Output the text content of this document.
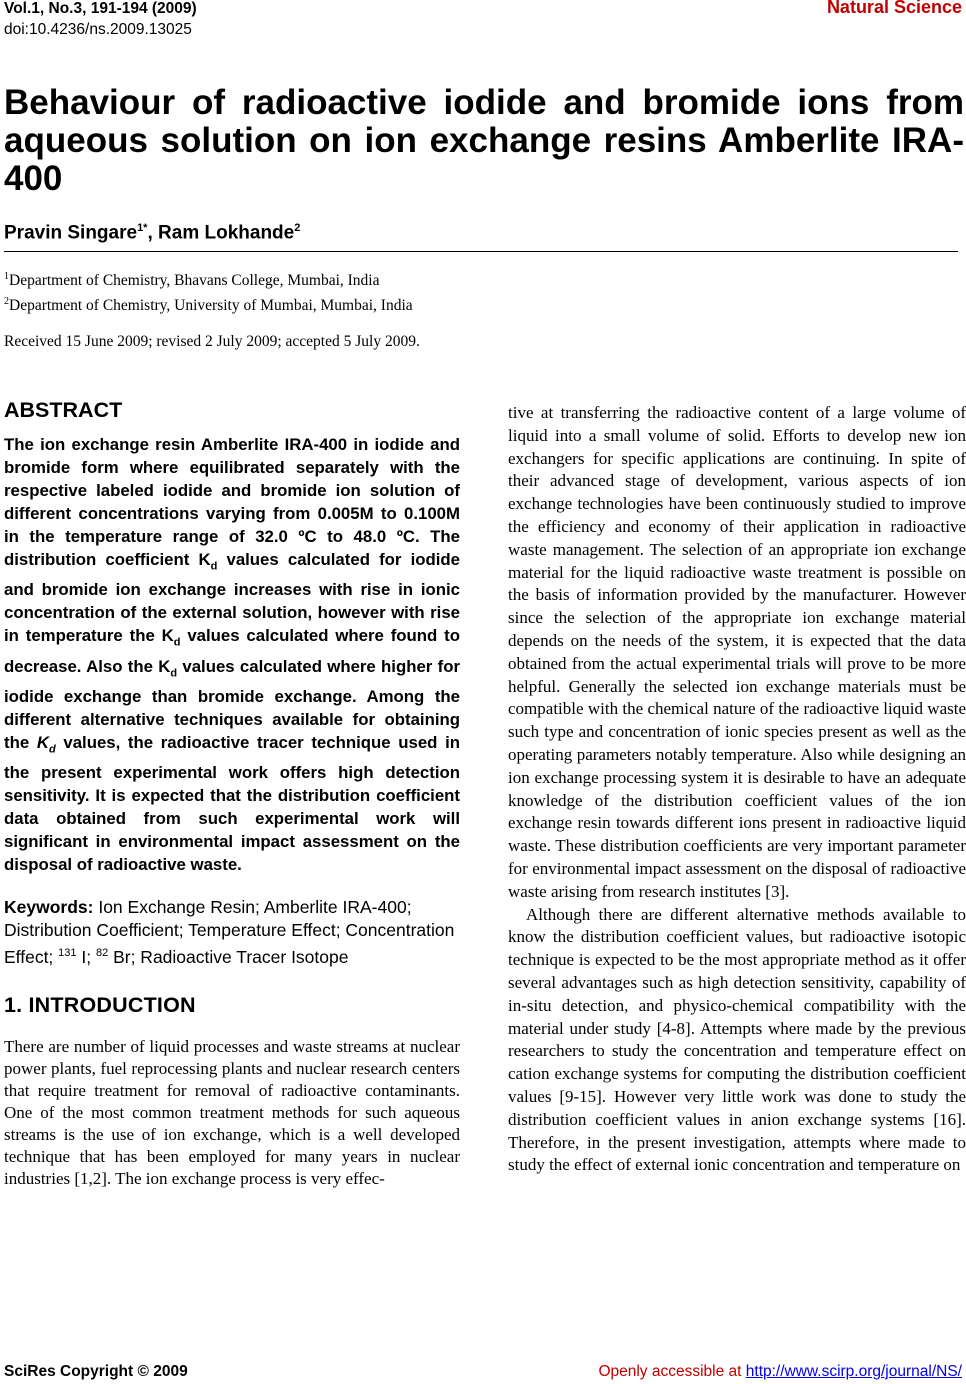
Vol.1, No.3, 191-194 (2009)
doi:10.4236/ns.2009.13025
Natural Science
Behaviour of radioactive iodide and bromide ions from aqueous solution on ion exchange resins Amberlite IRA-400
Pravin Singare$^{1*}$, Ram Lokhande$^2$
$^1$Department of Chemistry, Bhavans College, Mumbai, India
$^2$Department of Chemistry, University of Mumbai, Mumbai, India
Received 15 June 2009; revised 2 July 2009; accepted 5 July 2009.
ABSTRACT

The ion exchange resin Amberlite IRA-400 in iodide and bromide form where equilibrated separately with the respective labeled iodide and bromide ion solution of different concentrations varying from 0.005M to 0.100M in the temperature range of 32.0 ºC to 48.0 ºC. The distribution coefficient $K_d$ values calculated for iodide and bromide ion exchange increases with rise in ionic concentration of the external solution, however with rise in temperature the $K_d$ values calculated where found to decrease. Also the $K_d$ values calculated where higher for iodide exchange than bromide exchange. Among the different alternative techniques available for obtaining the $K_d$ values, the radioactive tracer technique used in the present experimental work offers high detection sensitivity. It is expected that the distribution coefficient data obtained from such experimental work will significant in environmental impact assessment on the disposal of radioactive waste.

Keywords: Ion Exchange Resin; Amberlite IRA-400; Distribution Coefficient; Temperature Effect; Concentration Effect; $^{131}$ I; $^{82}$ Br; Radioactive Tracer Isotope

1. INTRODUCTION

There are number of liquid processes and waste streams at nuclear power plants, fuel reprocessing plants and nuclear research centers that require treatment for removal of radioactive contaminants. One of the most common treatment methods for such aqueous streams is the use of ion exchange, which is a well developed technique that has been employed for many years in nuclear industries [1,2]. The ion exchange process is very effec-

tive at transferring the radioactive content of a large volume of liquid into a small volume of solid. Efforts to develop new ion exchangers for specific applications are continuing. In spite of their advanced stage of development, various aspects of ion exchange technologies have been continuously studied to improve the efficiency and economy of their application in radioactive waste management. The selection of an appropriate ion exchange material for the liquid radioactive waste treatment is possible on the basis of information provided by the manufacturer. However since the selection of the appropriate ion exchange material depends on the needs of the system, it is expected that the data obtained from the actual experimental trials will prove to be more helpful. Generally the selected ion exchange materials must be compatible with the chemical nature of the radioactive liquid waste such type and concentration of ionic species present as well as the operating parameters notably temperature. Also while designing an ion exchange processing system it is desirable to have an adequate knowledge of the distribution coefficient values of the ion exchange resin towards different ions present in radioactive liquid waste. These distribution coefficients are very important parameter for environmental impact assessment on the disposal of radioactive waste arising from research institutes [3].

Although there are different alternative methods available to know the distribution coefficient values, but radioactive isotopic technique is expected to be the most appropriate method as it offer several advantages such as high detection sensitivity, capability of in-situ detection, and physico-chemical compatibility with the material under study [4-8]. Attempts where made by the previous researchers to study the concentration and temperature effect on cation exchange systems for computing the distribution coefficient values [9-15]. However very little work was done to study the distribution coefficient values in anion exchange systems [16]. Therefore, in the present investigation, attempts where made to study the effect of external ionic concentration and temperature on

SciRes Copyright © 2009	Openly accessible at http://www.scirp.org/journal/NS/
